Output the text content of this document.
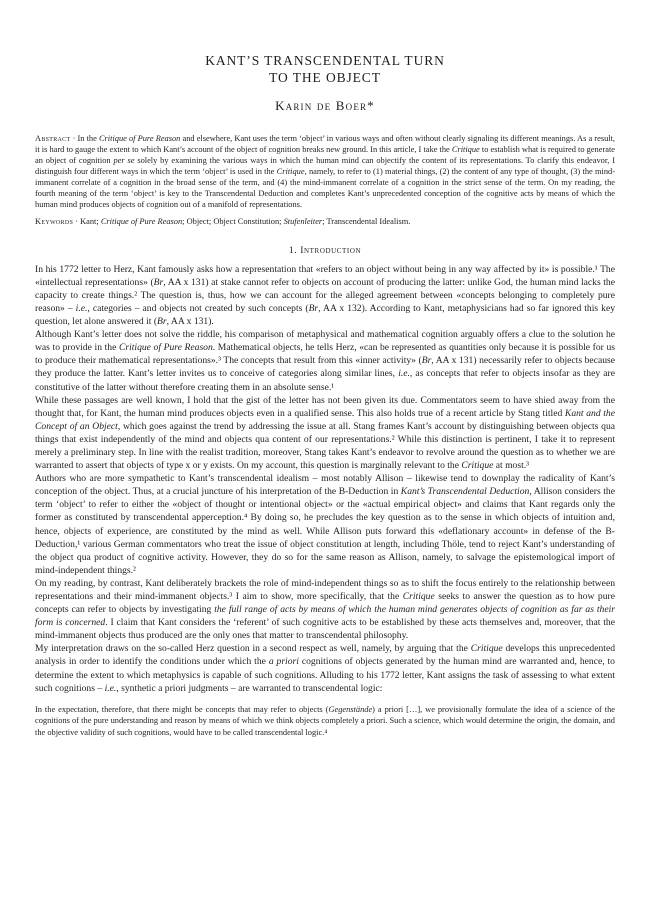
KANT’S TRANSCENDENTAL TURN
TO THE OBJECT
Karin de Boer*
Abstract · In the Critique of Pure Reason and elsewhere, Kant uses the term ‘object’ in various ways and often without clearly signaling its different meanings. As a result, it is hard to gauge the extent to which Kant’s account of the object of cognition breaks new ground. In this article, I take the Critique to establish what is required to generate an object of cognition per se solely by examining the various ways in which the human mind can objectify the content of its representations. To clarify this endeavor, I distinguish four different ways in which the term ‘object’ is used in the Critique, namely, to refer to (1) material things, (2) the content of any type of thought, (3) the mind-immanent correlate of a cognition in the broad sense of the term, and (4) the mind-immanent correlate of a cognition in the strict sense of the term. On my reading, the fourth meaning of the term ‘object’ is key to the Transcendental Deduction and completes Kant’s unprecedented conception of the cognitive acts by means of which the human mind produces objects of cognition out of a manifold of representations.
Keywords · Kant; Critique of Pure Reason; Object; Object Constitution; Stufenleiter; Transcendental Idealism.
1. Introduction

In his 1772 letter to Herz, Kant famously asks how a representation that «refers to an object without being in any way affected by it» is possible.¹ The «intellectual representations» (Br, AA x 131) at stake cannot refer to objects on account of producing the latter: unlike God, the human mind lacks the capacity to create things.² The question is, thus, how we can account for the alleged agreement between «concepts belonging to completely pure reason» – i.e., categories – and objects not created by such concepts (Br, AA x 132). According to Kant, metaphysicians had so far ignored this key question, let alone answered it (Br, AA x 131).

Although Kant’s letter does not solve the riddle, his comparison of metaphysical and mathematical cognition arguably offers a clue to the solution he was to provide in the Critique of Pure Reason. Mathematical objects, he tells Herz, «can be represented as quantities only because it is possible for us to produce their mathematical representations».³ The concepts that result from this «inner activity» (Br, AA x 131) necessarily refer to objects because they produce the latter. Kant’s letter invites us to conceive of categories along similar lines, i.e., as concepts that refer to objects insofar as they are constitutive of the latter without therefore creating them in an absolute sense.¹

While these passages are well known, I hold that the gist of the letter has not been given its due. Commentators seem to have shied away from the thought that, for Kant, the human mind produces objects even in a qualified sense. This also holds true of a recent article by Stang titled Kant and the Concept of an Object, which goes against the trend by addressing the issue at all. Stang frames Kant’s account by distinguishing between objects qua things that exist independently of the mind and objects qua content of our representations.² While this distinction is pertinent, I take it to represent merely a preliminary step. In line with the realist tradition, moreover, Stang takes Kant’s endeavor to revolve around the question as to whether we are warranted to assert that objects of type x or y exists. On my account, this question is marginally relevant to the Critique at most.³

Authors who are more sympathetic to Kant’s transcendental idealism – most notably Allison – likewise tend to downplay the radicality of Kant’s conception of the object. Thus, at a crucial juncture of his interpretation of the B-Deduction in Kant’s Transcendental Deduction, Allison considers the term ‘object’ to refer to either the «object of thought or intentional object» or the «actual empirical object» and claims that Kant regards only the former as constituted by transcendental apperception.⁴ By doing so, he precludes the key question as to the sense in which objects of intuition and, hence, objects of experience, are constituted by the mind as well. While Allison puts forward this «deflationary account» in defense of the B-Deduction,¹ various German commentators who treat the issue of object constitution at length, including Thöle, tend to reject Kant’s understanding of the object qua product of cognitive activity. However, they do so for the same reason as Allison, namely, to salvage the epistemological import of mind-independent things.²

On my reading, by contrast, Kant deliberately brackets the role of mind-independent things so as to shift the focus entirely to the relationship between representations and their mind-immanent objects.³ I aim to show, more specifically, that the Critique seeks to answer the question as to how pure concepts can refer to objects by investigating the full range of acts by means of which the human mind generates objects of cognition as far as their form is concerned. I claim that Kant considers the ‘referent’ of such cognitive acts to be established by these acts themselves and, moreover, that the mind-immanent objects thus produced are the only ones that matter to transcendental philosophy.

My interpretation draws on the so-called Herz question in a second respect as well, namely, by arguing that the Critique develops this unprecedented analysis in order to identify the conditions under which the a priori cognitions of objects generated by the human mind are warranted and, hence, to determine the extent to which metaphysics is capable of such cognitions. Alluding to his 1772 letter, Kant assigns the task of assessing to what extent such cognitions – i.e., synthetic a priori judgments – are warranted to transcendental logic:

In the expectation, therefore, that there might be concepts that may refer to objects (Gegenstände) a priori […], we provisionally formulate the idea of a science of the cognitions of the pure understanding and reason by means of which we think objects completely a priori. Such a science, which would determine the origin, the domain, and the objective validity of such cognitions, would have to be called transcendental logic.⁴
